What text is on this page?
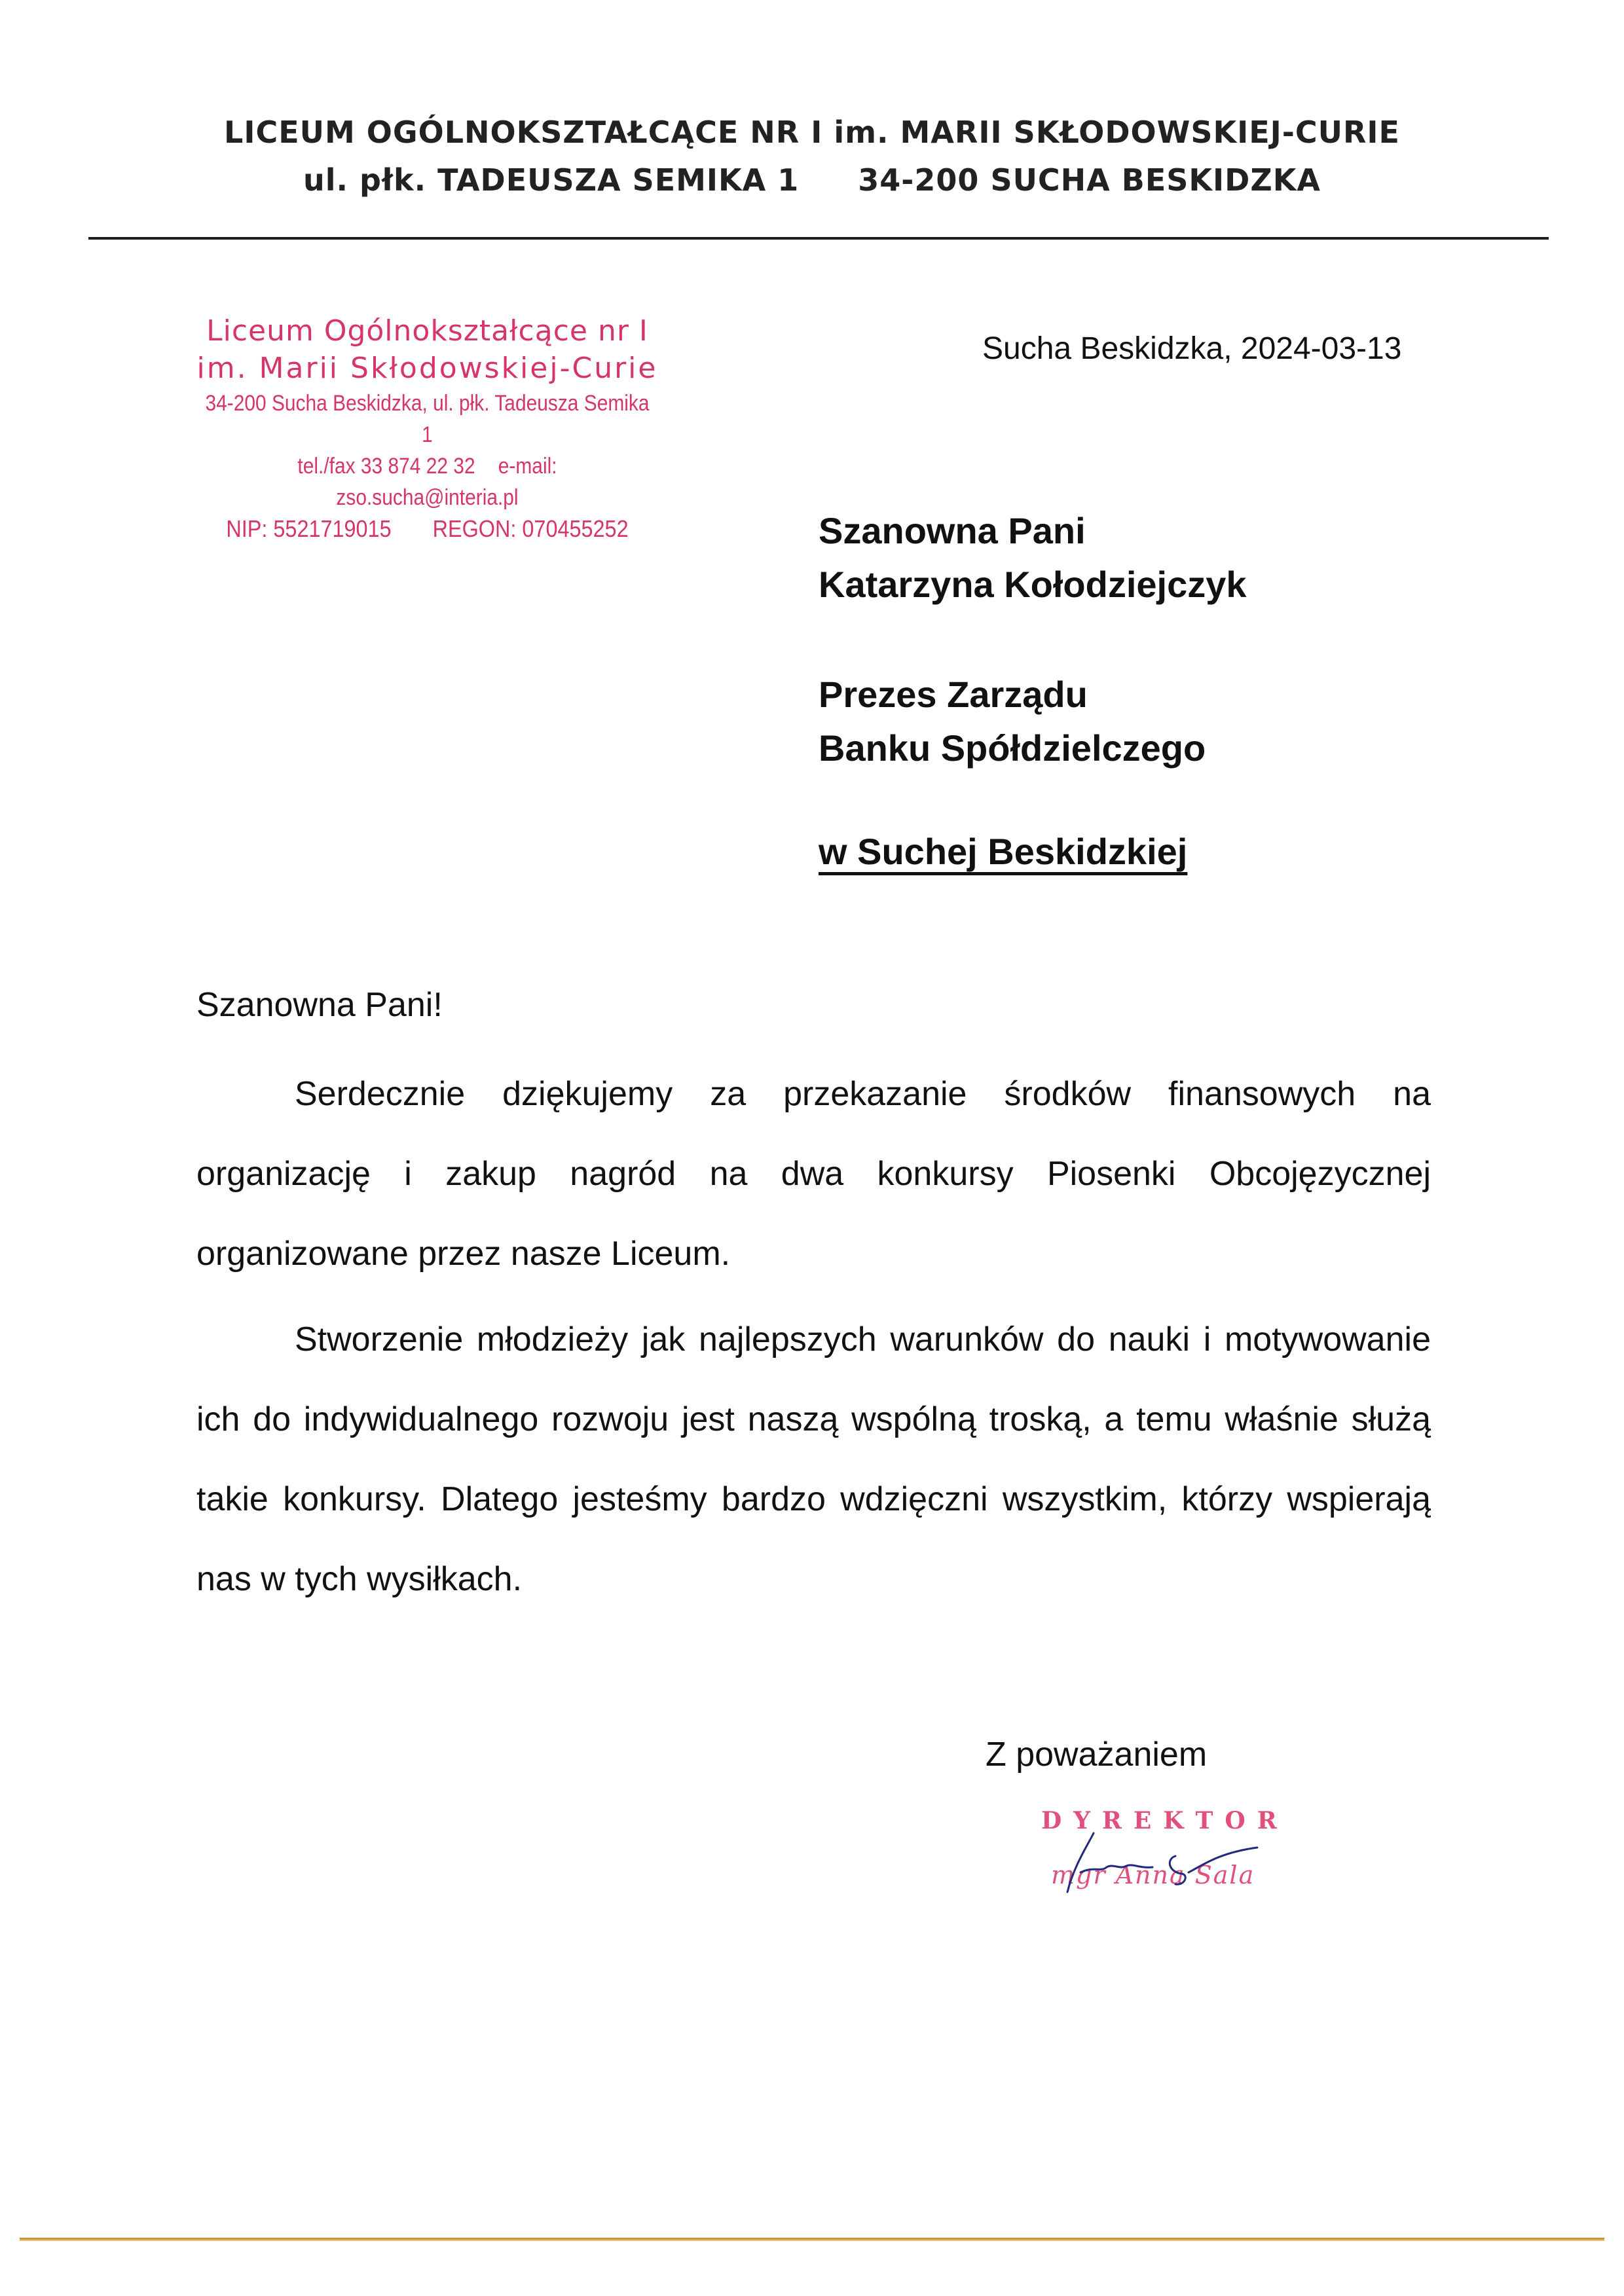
LICEUM OGÓLNOKSZTAŁCĄCE NR I im. MARII SKŁODOWSKIEJ-CURIE
ul. płk. TADEUSZA SEMIKA 1 34-200 SUCHA BESKIDZKA
Liceum Ogólnokształcące nr I
im. Marii Skłodowskiej-Curie
34-200 Sucha Beskidzka, ul. płk. Tadeusza Semika 1
tel./fax 33 874 22 32 e-mail: zso.sucha@interia.pl
NIP: 5521719015 REGON: 070455252
Sucha Beskidzka, 2024-03-13
Szanowna Pani
Katarzyna Kołodziejczyk
Prezes Zarządu
Banku Spółdzielczego
w Suchej Beskidzkiej
Szanowna Pani!
Serdecznie dziękujemy za przekazanie środków finansowych na organizację i zakup nagród na dwa konkursy Piosenki Obcojęzycznej organizowane przez nasze Liceum.
Stworzenie młodzieży jak najlepszych warunków do nauki i motywowanie ich do indywidualnego rozwoju jest naszą wspólną troską, a temu właśnie służą takie konkursy. Dlatego jesteśmy bardzo wdzięczni wszystkim, którzy wspierają nas w tych wysiłkach.
Z poważaniem
DYREKTOR
mgr Anna Sala
